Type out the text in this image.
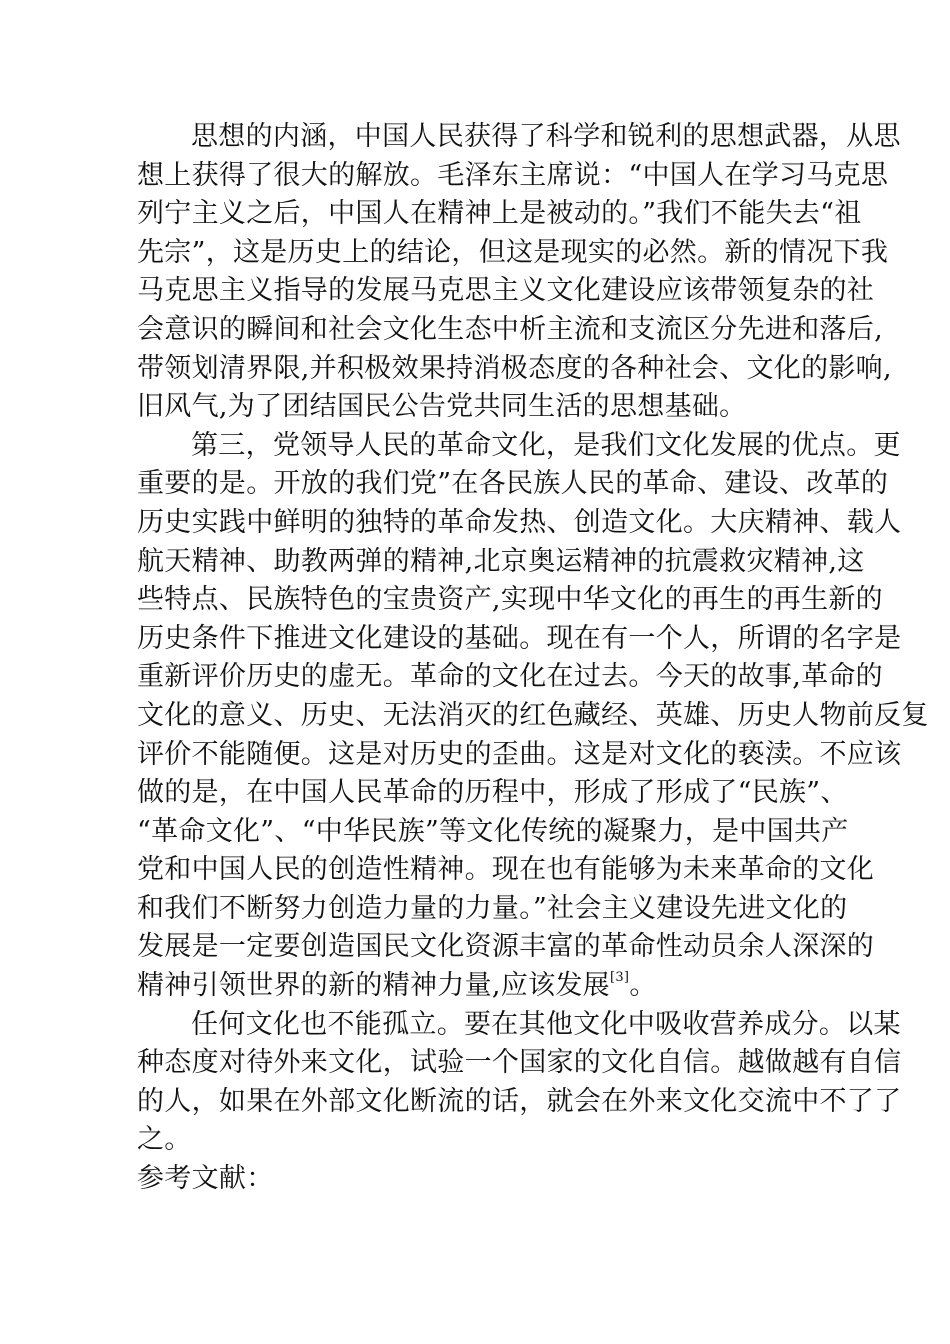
思想的内涵，中国人民获得了科学和锐利的思想武器，从思
想上获得了很大的解放。毛泽东主席说：“中国人在学习马克思
列宁主义之后，中国人在精神上是被动的。”我们不能失去“祖
先宗”，这是历史上的结论，但这是现实的必然。新的情况下我
马克思主义指导的发展马克思主义文化建设应该带领复杂的社
会意识的瞬间和社会文化生态中析主流和支流区分先进和落后,
带领划清界限,并积极效果持消极态度的各种社会、文化的影响,
旧风气,为了团结国民公告党共同生活的思想基础。
第三，党领导人民的革命文化，是我们文化发展的优点。更
重要的是。开放的我们党”在各民族人民的革命、建设、改革的
历史实践中鲜明的独特的革命发热、创造文化。大庆精神、载人
航天精神、助教两弹的精神,北京奥运精神的抗震救灾精神,这
些特点、民族特色的宝贵资产,实现中华文化的再生的再生新的
历史条件下推进文化建设的基础。现在有一个人，所谓的名字是
重新评价历史的虚无。革命的文化在过去。今天的故事,革命的
文化的意义、历史、无法消灭的红色藏经、英雄、历史人物前反复
评价不能随便。这是对历史的歪曲。这是对文化的亵渎。不应该
做的是，在中国人民革命的历程中，形成了形成了“民族”、
“革命文化”、“中华民族”等文化传统的凝聚力，是中国共产
党和中国人民的创造性精神。现在也有能够为未来革命的文化
和我们不断努力创造力量的力量。”社会主义建设先进文化的
发展是一定要创造国民文化资源丰富的革命性动员余人深深的
精神引领世界的新的精神力量,应该发展[3]。
任何文化也不能孤立。要在其他文化中吸收营养成分。以某
种态度对待外来文化，试验一个国家的文化自信。越做越有自信
的人，如果在外部文化断流的话，就会在外来文化交流中不了了
之。
参考文献：
